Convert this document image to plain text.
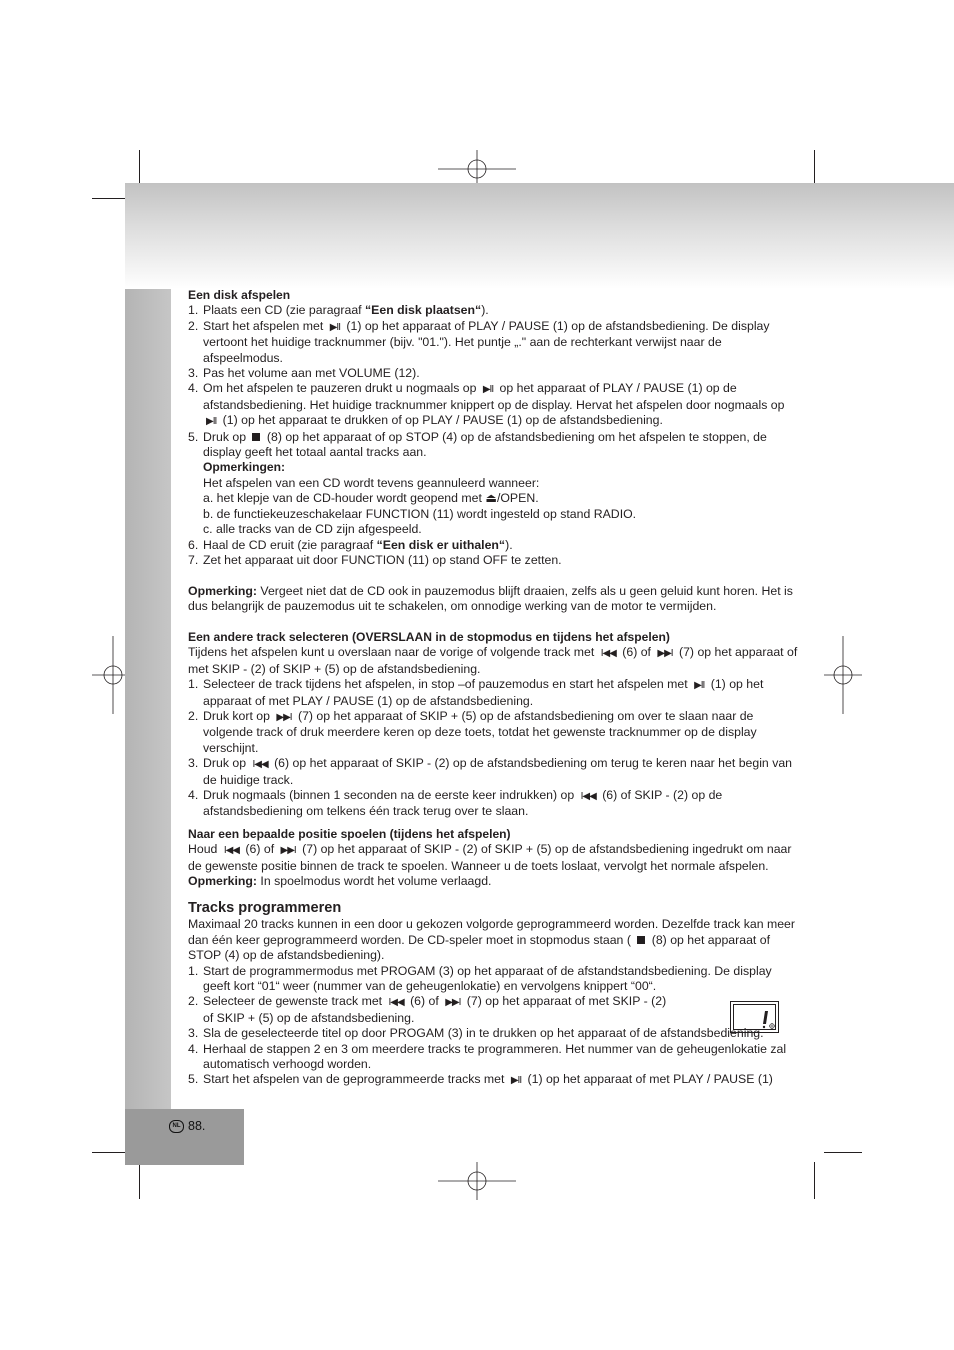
NL 88.

Een disk afspelen

1. Plaats een CD (zie paragraaf “Een disk plaatsen“).
2. Start het afspelen met ▶II (1) op het apparaat of PLAY / PAUSE (1) op de afstandsbediening. De display vertoont het huidige tracknummer (bijv. "01."). Het puntje „." aan de rechterkant verwijst naar de afspeelmodus.
3. Pas het volume aan met VOLUME (12).
4. Om het afspelen te pauzeren drukt u nogmaals op ▶II op het apparaat of PLAY / PAUSE (1) op de afstandsbediening. Het huidige tracknummer knippert op de display. Hervat het afspelen door nogmaals op ▶II (1) op het apparaat te drukken of op PLAY / PAUSE (1) op de afstandsbediening.
5. Druk op  (8) op het apparaat of op STOP (4) op de afstandsbediening om het afspelen te stoppen, de display geeft het totaal aantal tracks aan.

Opmerkingen:

Het afspelen van een CD wordt tevens geannuleerd wanneer:

a. het klepje van de CD-houder wordt geopend met ⏏/OPEN.

b. de functiekeuzeschakelaar FUNCTION (11) wordt ingesteld op stand RADIO.

c. alle tracks van de CD zijn afgespeeld.

6. Haal de CD eruit (zie paragraaf “Een disk er uithalen“).
7. Zet het apparaat uit door FUNCTION (11) op stand OFF te zetten.

Opmerking: Vergeet niet dat de CD ook in pauzemodus blijft draaien, zelfs als u geen geluid kunt horen. Het is dus belangrijk de pauzemodus uit te schakelen, om onnodige werking van de motor te vermijden.

Een andere track selecteren (OVERSLAAN in de stopmodus en tijdens het afspelen)

Tijdens het afspelen kunt u overslaan naar de vorige of volgende track met I◀◀ (6) of ▶▶I (7) op het apparaat of met SKIP - (2) of SKIP + (5) op de afstandsbediening.

1. Selecteer de track tijdens het afspelen, in stop –of pauzemodus en start het afspelen met ▶II (1) op het apparaat of met PLAY / PAUSE (1) op de afstandsbediening.
2. Druk kort op ▶▶I (7) op het apparaat of SKIP + (5) op de afstandsbediening om over te slaan naar de volgende track of druk meerdere keren op deze toets, totdat het gewenste tracknummer op de display verschijnt.
3. Druk op I◀◀ (6) op het apparaat of SKIP - (2) op de afstandsbediening om terug te keren naar het begin van de huidige track.
4. Druk nogmaals (binnen 1 seconden na de eerste keer indrukken) op I◀◀ (6) of SKIP - (2) op de afstandsbediening om telkens één track terug over te slaan.

Naar een bepaalde positie spoelen (tijdens het afspelen)

Houd I◀◀ (6) of ▶▶I (7) op het apparaat of SKIP - (2) of SKIP + (5) op de afstandsbediening ingedrukt om naar de gewenste positie binnen de track te spoelen. Wanneer u de toets loslaat, vervolgt het normale afspelen.

Opmerking: In spoelmodus wordt het volume verlaagd.

Tracks programmeren

Maximaal 20 tracks kunnen in een door u gekozen volgorde geprogrammeerd worden. Dezelfde track kan meer dan één keer geprogrammeerd worden. De CD-speler moet in stopmodus staan (  (8) op het apparaat of STOP (4) op de afstandsbediening).

1. Start de programmermodus met PROGAM (3) op het apparaat of de afstandstandsbediening. De display geeft kort “01“ weer (nummer van de geheugenlokatie) en vervolgens knippert “00“.
2. Selecteer de gewenste track met I◀◀ (6) of ▶▶I (7) op het apparaat of met SKIP - (2)
of SKIP + (5) op de afstandsbediening.
3. Sla de geselecteerde titel op door PROGAM (3) in te drukken op het apparaat of de afstandsbediening.
4. Herhaal de stappen 2 en 3 om meerdere tracks te programmeren. Het nummer van de geheugenlokatie zal automatisch verhoogd worden.
5. Start het afspelen van de geprogrammeerde tracks met ▶II (1) op het apparaat of met PLAY / PAUSE (1)
